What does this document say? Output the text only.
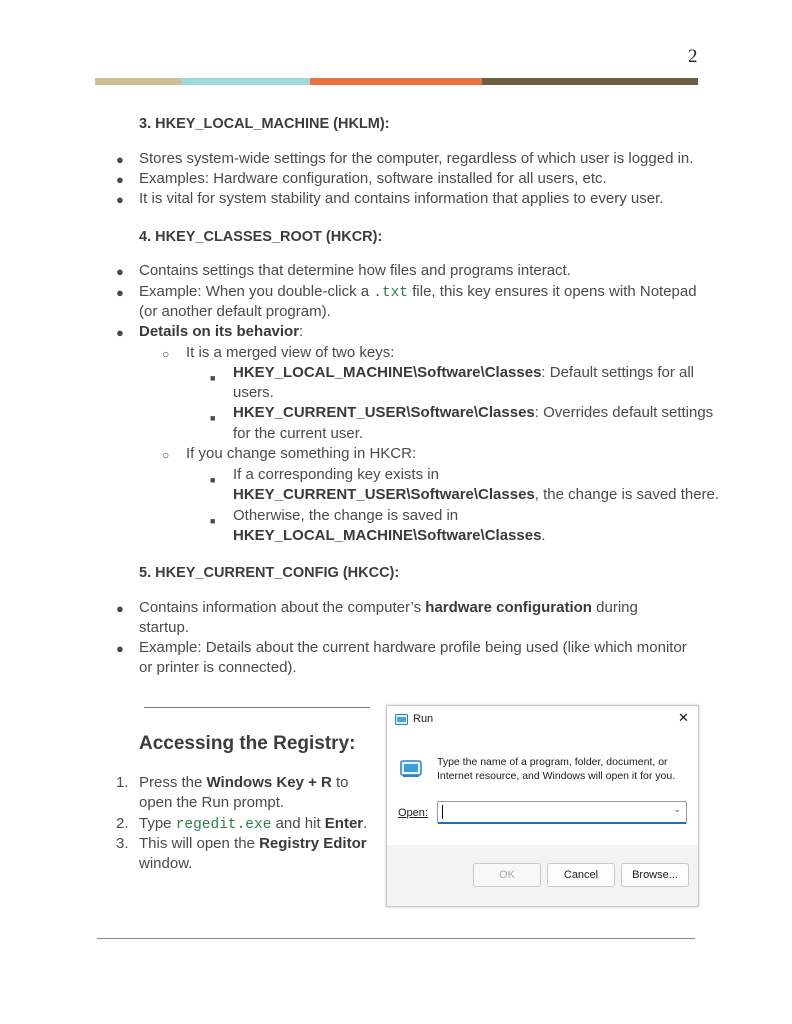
2
3. HKEY_LOCAL_MACHINE (HKLM):
● Stores system-wide settings for the computer, regardless of which user is logged in.
● Examples: Hardware configuration, software installed for all users, etc.
● It is vital for system stability and contains information that applies to every user.
4. HKEY_CLASSES_ROOT (HKCR):
● Contains settings that determine how files and programs interact.
● Example: When you double-click a .txt file, this key ensures it opens with Notepad
(or another default program).
● Details on its behavior:
○ It is a merged view of two keys:
■ HKEY_LOCAL_MACHINE\Software\Classes: Default settings for all
users.
■ HKEY_CURRENT_USER\Software\Classes: Overrides default settings
for the current user.
○ If you change something in HKCR:
■ If a corresponding key exists in
HKEY_CURRENT_USER\Software\Classes, the change is saved there.
■ Otherwise, the change is saved in
HKEY_LOCAL_MACHINE\Software\Classes.
5. HKEY_CURRENT_CONFIG (HKCC):
● Contains information about the computer’s hardware configuration during
startup.
● Example: Details about the current hardware profile being used (like which monitor
or printer is connected).
Accessing the Registry:
1. Press the Windows Key + R to
open the Run prompt.
2. Type regedit.exe and hit Enter.
3. This will open the Registry Editor
window.
Run	✕
Type the name of a program, folder, document, or
Internet resource, and Windows will open it for you.
Open:	⌄
OK	Cancel	Browse...
